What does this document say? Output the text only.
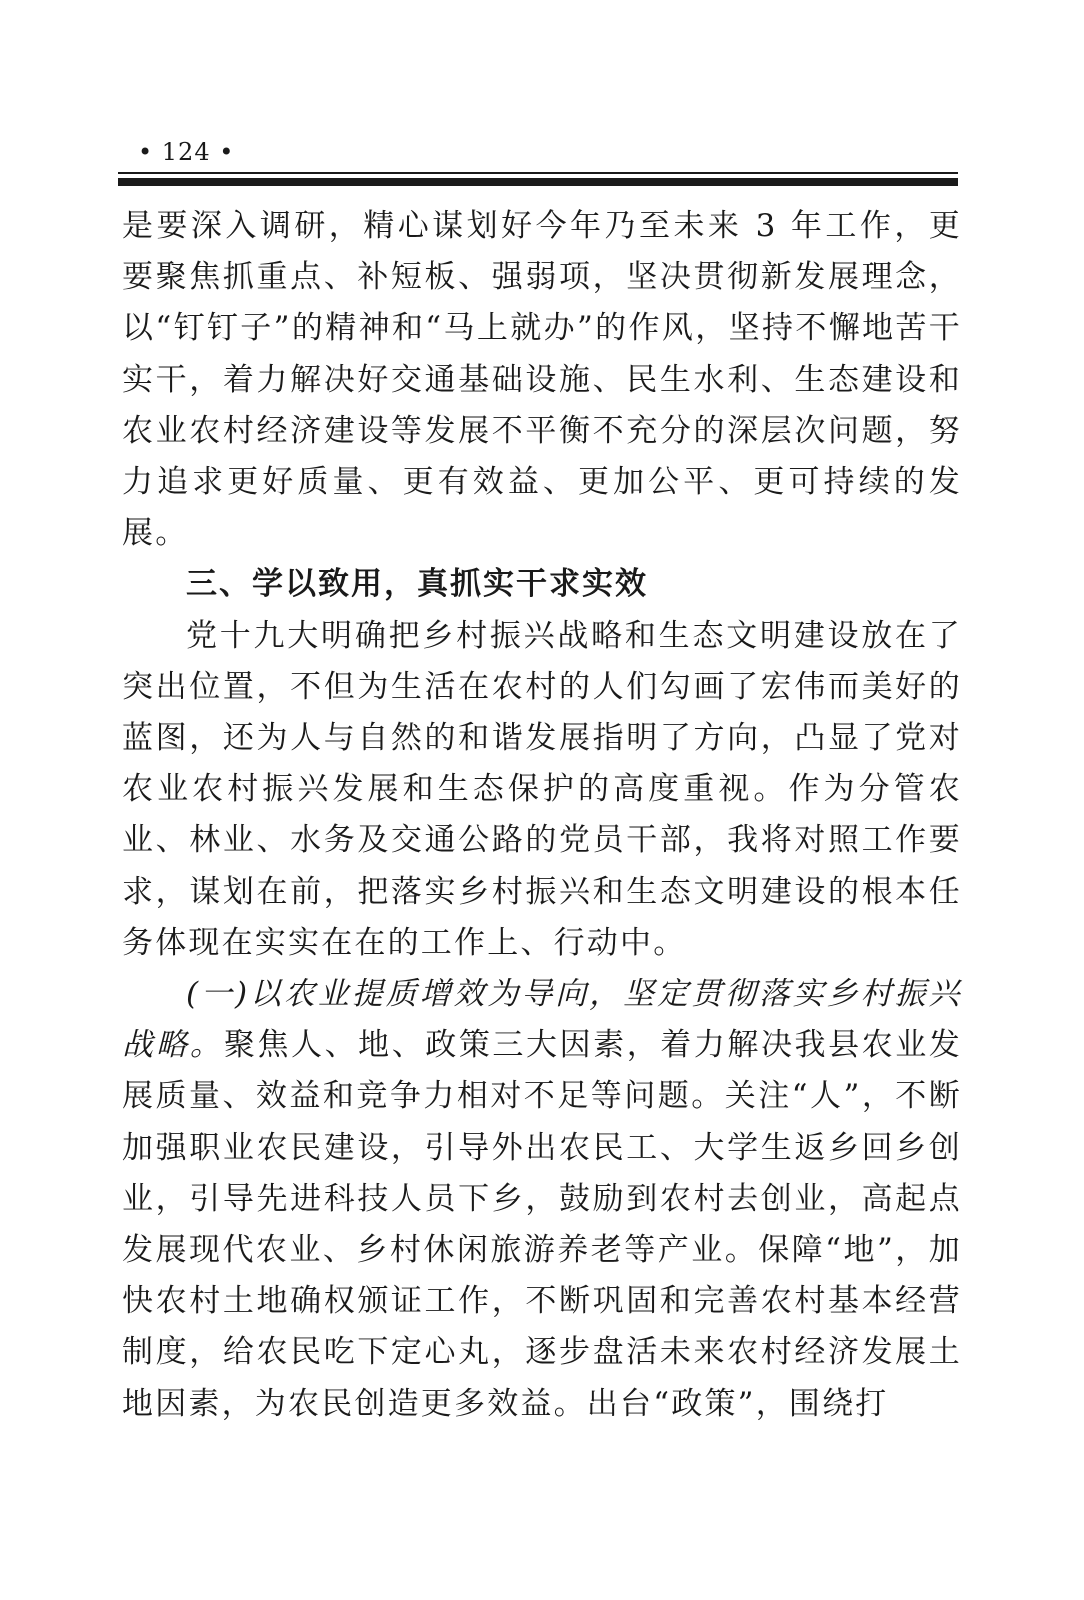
• 124 •

是要深入调研，精心谋划好今年乃至未来 3 年工作，更要聚焦抓重点、补短板、强弱项，坚决贯彻新发展理念，以“钉钉子”的精神和“马上就办”的作风，坚持不懈地苦干实干，着力解决好交通基础设施、民生水利、生态建设和农业农村经济建设等发展不平衡不充分的深层次问题，努力追求更好质量、更有效益、更加公平、更可持续的发展。

三、学以致用，真抓实干求实效

党十九大明确把乡村振兴战略和生态文明建设放在了突出位置，不但为生活在农村的人们勾画了宏伟而美好的蓝图，还为人与自然的和谐发展指明了方向，凸显了党对农业农村振兴发展和生态保护的高度重视。作为分管农业、林业、水务及交通公路的党员干部，我将对照工作要求，谋划在前，把落实乡村振兴和生态文明建设的根本任务体现在实实在在的工作上、行动中。

(一)以农业提质增效为导向，坚定贯彻落实乡村振兴战略。聚焦人、地、政策三大因素，着力解决我县农业发展质量、效益和竞争力相对不足等问题。关注“人”，不断加强职业农民建设，引导外出农民工、大学生返乡回乡创业，引导先进科技人员下乡，鼓励到农村去创业，高起点发展现代农业、乡村休闲旅游养老等产业。保障“地”，加快农村土地确权颁证工作，不断巩固和完善农村基本经营制度，给农民吃下定心丸，逐步盘活未来农村经济发展土地因素，为农民创造更多效益。出台“政策”，围绕打
